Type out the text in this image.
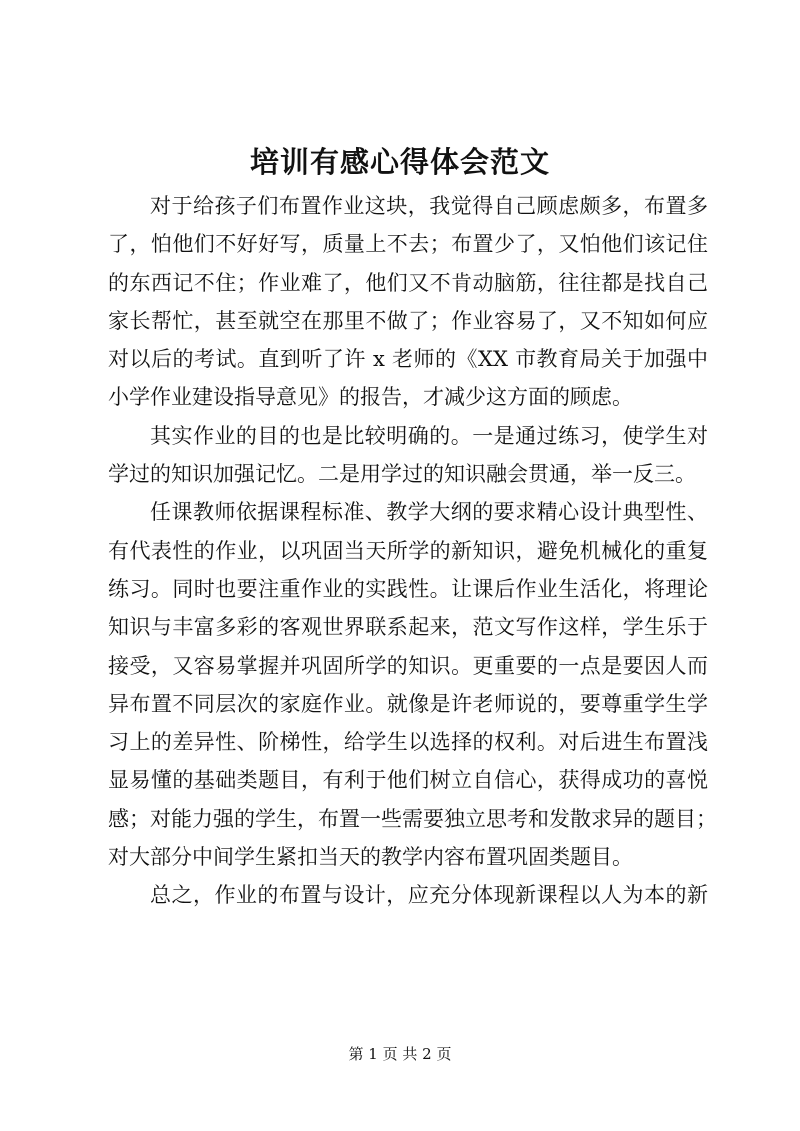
培训有感心得体会范文

对于给孩子们布置作业这块，我觉得自己顾虑颇多，布置多
了，怕他们不好好写，质量上不去；布置少了，又怕他们该记住
的东西记不住；作业难了，他们又不肯动脑筋，往往都是找自己
家长帮忙，甚至就空在那里不做了；作业容易了，又不知如何应
对以后的考试。直到听了许 x 老师的《XX 市教育局关于加强中
小学作业建设指导意见》的报告，才减少这方面的顾虑。

其实作业的目的也是比较明确的。一是通过练习，使学生对
学过的知识加强记忆。二是用学过的知识融会贯通，举一反三。

任课教师依据课程标准、教学大纲的要求精心设计典型性、
有代表性的作业，以巩固当天所学的新知识，避免机械化的重复
练习。同时也要注重作业的实践性。让课后作业生活化，将理论
知识与丰富多彩的客观世界联系起来，范文写作这样，学生乐于
接受，又容易掌握并巩固所学的知识。更重要的一点是要因人而
异布置不同层次的家庭作业。就像是许老师说的，要尊重学生学
习上的差异性、阶梯性，给学生以选择的权利。对后进生布置浅
显易懂的基础类题目，有利于他们树立自信心，获得成功的喜悦
感；对能力强的学生，布置一些需要独立思考和发散求异的题目；
对大部分中间学生紧扣当天的教学内容布置巩固类题目。

总之，作业的布置与设计，应充分体现新课程以人为本的新

第 1 页 共 2 页
